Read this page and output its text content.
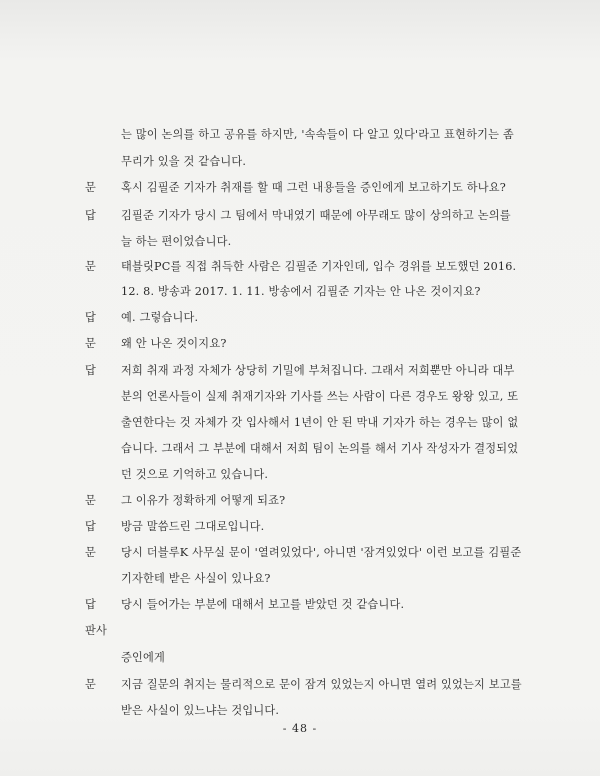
는 많이 논의를 하고 공유를 하지만, '속속들이 다 알고 있다'라고 표현하기는 좀
무리가 있을 것 같습니다.
문 혹시 김필준 기자가 취재를 할 때 그런 내용들을 증인에게 보고하기도 하나요?
답 김필준 기자가 당시 그 팀에서 막내였기 때문에 아무래도 많이 상의하고 논의를
늘 하는 편이었습니다.
문 태블릿PC를 직접 취득한 사람은 김필준 기자인데, 입수 경위를 보도했던 2016.
12. 8. 방송과 2017. 1. 11. 방송에서 김필준 기자는 안 나온 것이지요?
답 예. 그렇습니다.
문 왜 안 나온 것이지요?
답 저희 취재 과정 자체가 상당히 기밀에 부쳐집니다. 그래서 저희뿐만 아니라 대부
분의 언론사들이 실제 취재기자와 기사를 쓰는 사람이 다른 경우도 왕왕 있고, 또
출연한다는 것 자체가 갓 입사해서 1년이 안 된 막내 기자가 하는 경우는 많이 없
습니다. 그래서 그 부분에 대해서 저희 팀이 논의를 해서 기사 작성자가 결정되었
던 것으로 기억하고 있습니다.
문 그 이유가 정확하게 어떻게 되죠?
답 방금 말씀드린 그대로입니다.
문 당시 더블루K 사무실 문이 '열려있었다', 아니면 '잠겨있었다' 이런 보고를 김필준
기자한테 받은 사실이 있나요?
답 당시 들어가는 부분에 대해서 보고를 받았던 것 같습니다.
판사
증인에게
문 지금 질문의 취지는 물리적으로 문이 잠겨 있었는지 아니면 열려 있었는지 보고를
받은 사실이 있느냐는 것입니다.
- 48 -
